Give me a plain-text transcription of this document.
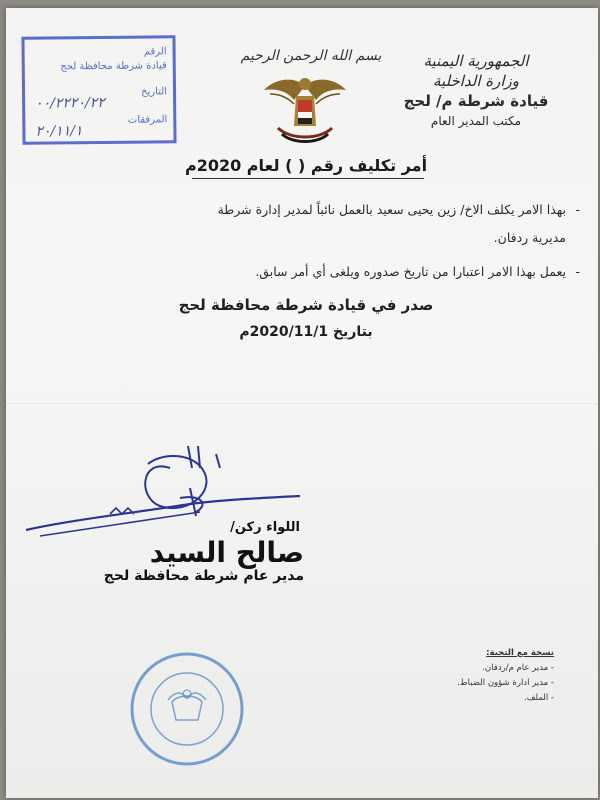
الجمهورية اليمنية
وزارة الداخلية
قيادة شرطة م/ لحج
مكتب المدير العام
بسم الله الرحمن الرحيم
الرقم
قيادة شرطة محافظة لحج
التاريخ
المرفقات
٠٠/٢٢٢٠/٢٢
٢٠/١١/١
أمر تكليف رقم ( ) لعام 2020م
بهذا الامر يكلف الاخ/ زين يحيى سعيد بالعمل نائباً لمدير إدارة شرطة -
مديرية ردفان.
يعمل بهذا الامر اعتبارا من تاريخ صدوره ويلغى أي أمر سابق. -
صدر في قيادة شرطة محافظة لحج
بتاريخ 2020/11/1م
اللواء ركن/
صالح السيد
مدير عام شرطة محافظة لحج
نسخة مع التحية:
- مدير عام م/ردفان.
- مدير ادارة شؤون الضباط.
- الملف.
